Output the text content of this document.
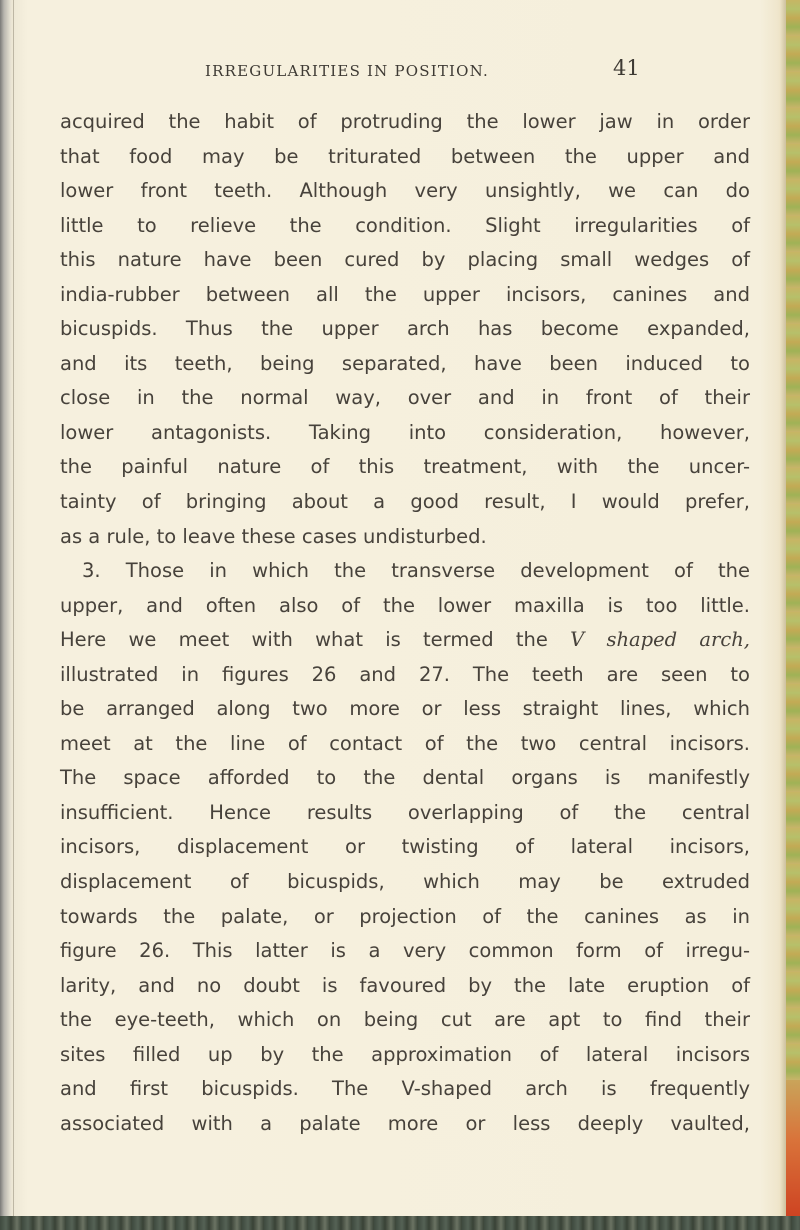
IRREGULARITIES IN POSITION.	41
acquired the habit of protruding the lower jaw in order
that food may be triturated between the upper and
lower front teeth. Although very unsightly, we can do
little to relieve the condition. Slight irregularities of
this nature have been cured by placing small wedges of
india-rubber between all the upper incisors, canines and
bicuspids. Thus the upper arch has become expanded,
and its teeth, being separated, have been induced to
close in the normal way, over and in front of their
lower antagonists. Taking into consideration, however,
the painful nature of this treatment, with the uncer-
tainty of bringing about a good result, I would prefer,
as a rule, to leave these cases undisturbed.
3. Those in which the transverse development of the
upper, and often also of the lower maxilla is too little.
Here we meet with what is termed the V shaped arch,
illustrated in figures 26 and 27. The teeth are seen to
be arranged along two more or less straight lines, which
meet at the line of contact of the two central incisors.
The space afforded to the dental organs is manifestly
insufficient. Hence results overlapping of the central
incisors, displacement or twisting of lateral incisors,
displacement of bicuspids, which may be extruded
towards the palate, or projection of the canines as in
figure 26. This latter is a very common form of irregu-
larity, and no doubt is favoured by the late eruption of
the eye-teeth, which on being cut are apt to find their
sites filled up by the approximation of lateral incisors
and first bicuspids. The V-shaped arch is frequently
associated with a palate more or less deeply vaulted,
